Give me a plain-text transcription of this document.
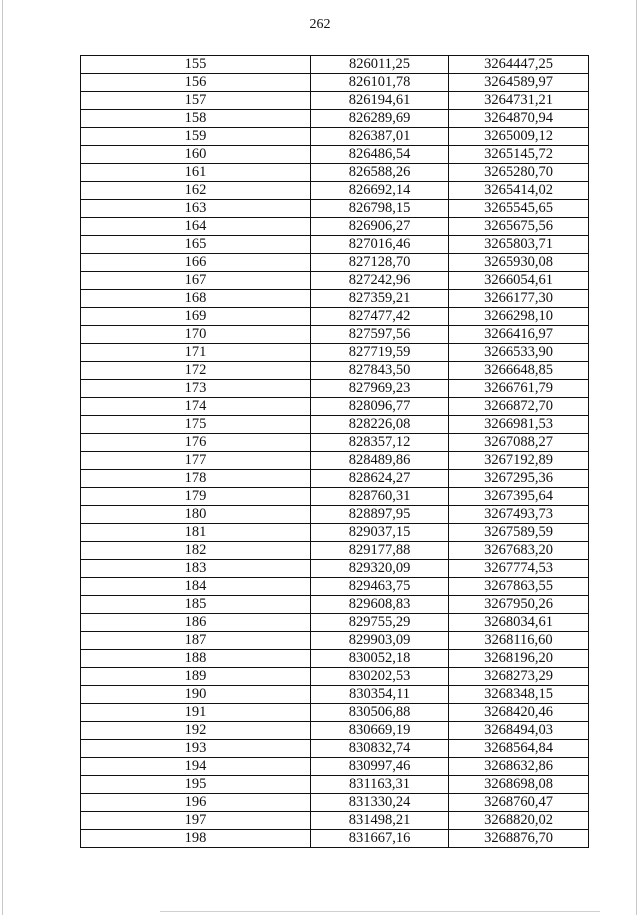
262
155	826011,25	3264447,25
156	826101,78	3264589,97
157	826194,61	3264731,21
158	826289,69	3264870,94
159	826387,01	3265009,12
160	826486,54	3265145,72
161	826588,26	3265280,70
162	826692,14	3265414,02
163	826798,15	3265545,65
164	826906,27	3265675,56
165	827016,46	3265803,71
166	827128,70	3265930,08
167	827242,96	3266054,61
168	827359,21	3266177,30
169	827477,42	3266298,10
170	827597,56	3266416,97
171	827719,59	3266533,90
172	827843,50	3266648,85
173	827969,23	3266761,79
174	828096,77	3266872,70
175	828226,08	3266981,53
176	828357,12	3267088,27
177	828489,86	3267192,89
178	828624,27	3267295,36
179	828760,31	3267395,64
180	828897,95	3267493,73
181	829037,15	3267589,59
182	829177,88	3267683,20
183	829320,09	3267774,53
184	829463,75	3267863,55
185	829608,83	3267950,26
186	829755,29	3268034,61
187	829903,09	3268116,60
188	830052,18	3268196,20
189	830202,53	3268273,29
190	830354,11	3268348,15
191	830506,88	3268420,46
192	830669,19	3268494,03
193	830832,74	3268564,84
194	830997,46	3268632,86
195	831163,31	3268698,08
196	831330,24	3268760,47
197	831498,21	3268820,02
198	831667,16	3268876,70
